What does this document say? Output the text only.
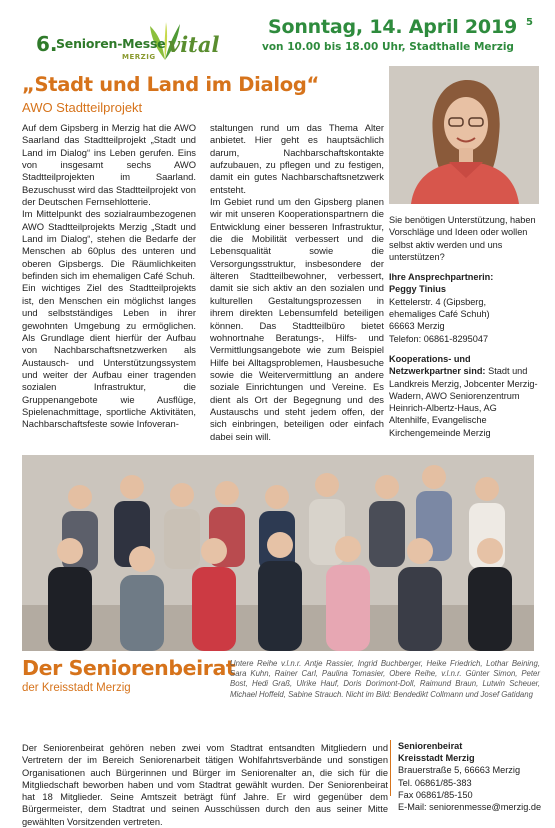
6.
Senioren-Messe
MERZIG vital
Sonntag, 14. April 2019
von 10.00 bis 18.00 Uhr, Stadthalle Merzig
5
„Stadt und Land im Dialog“
AWO Stadtteilprojekt

Auf dem Gipsberg in Merzig hat die AWO Saarland das Stadtteilprojekt „Stadt und Land im Dialog“ ins Leben gerufen. Eins von insgesamt sechs AWO Stadtteilprojekten im Saarland. Bezuschusst wird das Stadtteilprojekt von der Deutschen Fernsehlotterie.

Im Mittelpunkt des sozialraumbezogenen AWO Stadtteilprojekts Merzig „Stadt und Land im Dialog“, stehen die Bedarfe der Menschen ab 60plus des unteren und oberen Gipsbergs. Die Räumlichkeiten befinden sich im ehemaligen Café Schuh.

Ein wichtiges Ziel des Stadtteilprojekts ist, den Menschen ein möglichst langes und selbstständiges Leben in ihrer gewohnten Umgebung zu ermöglichen. Als Grundlage dient hierfür der Aufbau von Nachbarschaftsnetzwerken als Austausch- und Unterstützungssystem und weiter der Aufbau einer tragenden sozialen Infrastruktur, die Gruppenangebote wie Ausflüge, Spielenachmittage, sportliche Aktivitäten, Nachbarschaftsfeste sowie Infoveran-

staltungen rund um das Thema Alter anbietet. Hier geht es hauptsächlich darum, Nachbarschaftskontakte aufzubauen, zu pflegen und zu festigen, damit ein gutes Nachbarschaftsnetzwerk entsteht.

Im Gebiet rund um den Gipsberg planen wir mit unseren Kooperationspartnern die Entwicklung einer besseren Infrastruktur, die die Mobilität verbessert und die Lebensqualität sowie die Versorgungsstruktur, insbesondere der älteren Stadtteilbewohner, verbessert, damit sie sich aktiv an den sozialen und kulturellen Gestaltungsprozessen in ihrem direkten Lebensumfeld beteiligen können. Das Stadtteilbüro bietet wohnortnahe Beratungs-, Hilfs- und Vermittlungsangebote wie zum Beispiel Hilfe bei Alltagsproblemen, Hausbesuche sowie die Weitervermittlung an andere soziale Einrichtungen und Vereine. Es dient als Ort der Begegnung und des Austauschs und steht jedem offen, der sich einbringen, beteiligen oder einfach dabei sein will.

Sie benötigen Unterstützung, haben Vorschläge und Ideen oder wollen selbst aktiv werden und uns unterstützen?
Ihre Ansprechpartnerin:
Peggy Tinius
Kettelerstr. 4 (Gipsberg,
ehemaliges Café Schuh)
66663 Merzig
Telefon: 06861-8295047
Kooperations- und Netzwerkpartner sind: Stadt und Landkreis Merzig, Jobcenter Merzig-Wadern, AWO Seniorenzentrum Heinrich-Albertz-Haus, AG Altenhilfe, Evangelische Kirchengemeinde Merzig
Der Seniorenbeirat
der Kreisstadt Merzig
Untere Reihe v.l.n.r. Antje Rassier, Ingrid Buchberger, Heike Friedrich, Lothar Beining, Sara Kuhn, Rainer Carl, Paulina Tomasier, Obere Reihe, v.l.n.r. Günter Simon, Peter Bost, Hedi Graß, Ulrike Hauf, Doris Dorimont-Doll, Raimund Braun, Lutwin Scheuer, Michael Hoffeld, Sabine Strauch. Nicht im Bild: Bendedikt Collmann und Josef Gatidang
Der Seniorenbeirat gehören neben zwei vom Stadtrat entsandten Mitgliedern und Vertretern der im Bereich Seniorenarbeit tätigen Wohlfahrtsverbände und sonstigen Organisationen auch Bürgerinnen und Bürger im Seniorenalter an, die sich für die Mitgliedschaft beworben haben und vom Stadtrat gewählt wurden. Der Seniorenbeirat hat 18 Mitglieder. Seine Amtszeit beträgt fünf Jahre. Er wird gegenüber dem Bürgermeister, dem Stadtrat und seinen Ausschüssen durch den aus seiner Mitte gewählten Vorsitzenden vertreten.
Seniorenbeirat
Kreisstadt Merzig
Brauerstraße 5, 66663 Merzig
Tel. 06861/85-383
Fax 06861/85-150
E-Mail: seniorenmesse@merzig.de
